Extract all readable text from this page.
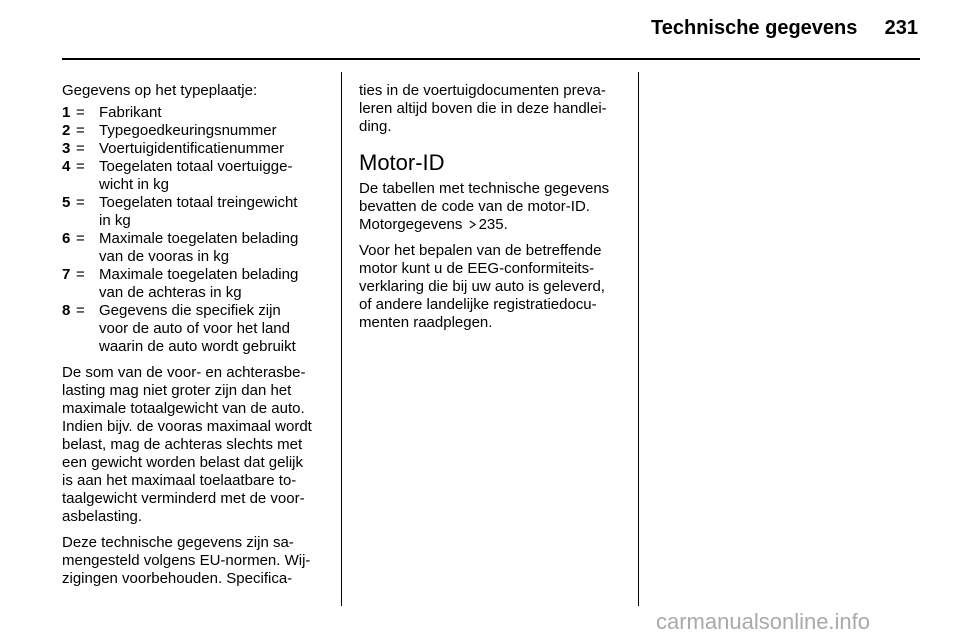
Technische gegevens	231

Gegevens op het typeplaatje:

1 = Fabrikant
2 = Typegoedkeuringsnummer
3 = Voertuigidentificatienummer
4 = Toegelaten totaal voertuigge-
wicht in kg
5 = Toegelaten totaal treingewicht
in kg
6 = Maximale toegelaten belading
van de vooras in kg
7 = Maximale toegelaten belading
van de achteras in kg
8 = Gegevens die specifiek zijn
voor de auto of voor het land
waarin de auto wordt gebruikt

De som van de voor- en achterasbe-
lasting mag niet groter zijn dan het
maximale totaalgewicht van de auto.
Indien bijv. de vooras maximaal wordt
belast, mag de achteras slechts met
een gewicht worden belast dat gelijk
is aan het maximaal toelaatbare to-
taalgewicht verminderd met de voor-
asbelasting.

Deze technische gegevens zijn sa-
mengesteld volgens EU-normen. Wij-
zigingen voorbehouden. Specifica-

ties in de voertuigdocumenten preva-
leren altijd boven die in deze handlei-
ding.

Motor-ID

De tabellen met technische gegevens
bevatten de code van de motor-ID.

Motorgegevens 235.

Voor het bepalen van de betreffende
motor kunt u de EEG-conformiteits-
verklaring die bij uw auto is geleverd,
of andere landelijke registratiedocu-
menten raadplegen.

carmanualsonline.info
